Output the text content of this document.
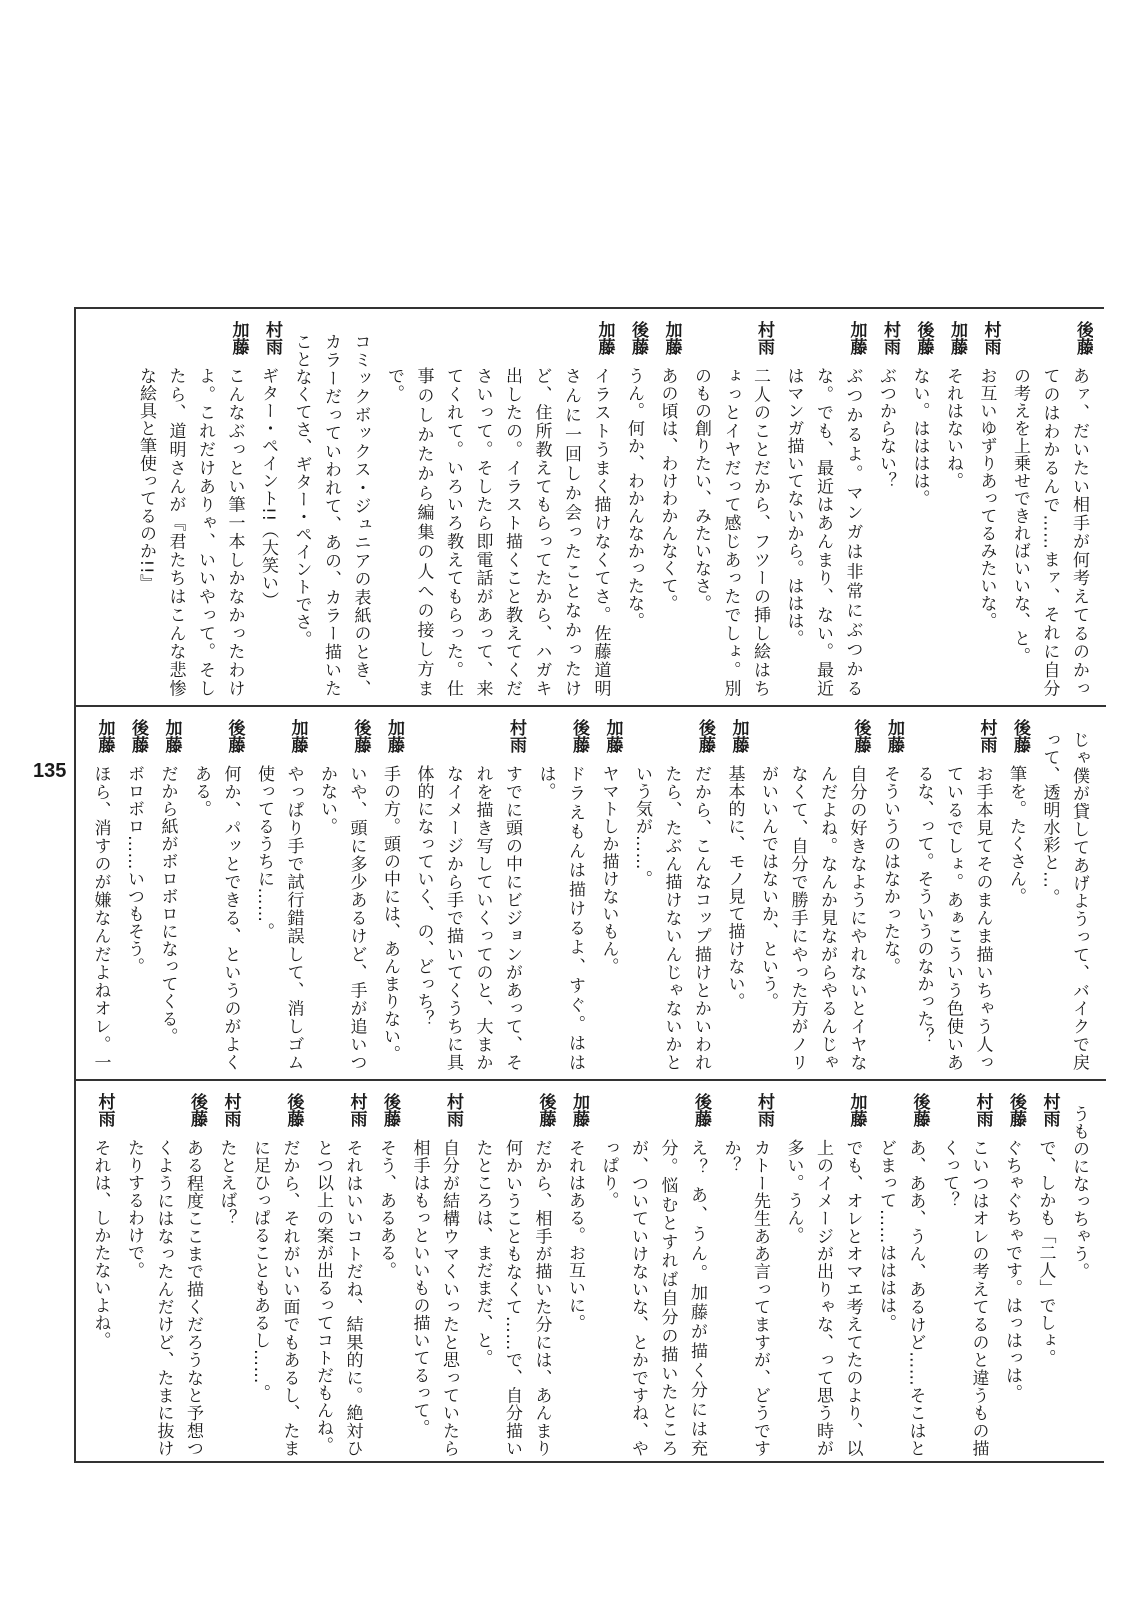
後藤
あァ、だいたい相手が何考えてるのかってのはわかるんで……まァ、それに自分の考えを上乗せできればいいな、と。
村雨
お互いゆずりあってるみたいな。
加藤
それはないね。
後藤
ない。はははは。
村雨
ぶつからない？
加藤
ぶつかるよ。マンガは非常にぶつかるな。でも、最近はあんまり、ない。最近はマンガ描いてないから。ははは。
村雨
二人のことだから、フツーの挿し絵はちょっとイヤだって感じあったでしょ。別のもの創りたい、みたいなさ。
加藤
あの頃は、わけわかんなくて。
後藤
うん。何か、わかんなかったな。
加藤
イラストうまく描けなくてさ。佐藤道明さんに一回しか会ったことなかったけど、住所教えてもらってたから、ハガキ出したの。イラスト描くこと教えてくださいって。そしたら即電話があって、来てくれて。いろいろ教えてもらった。仕事のしかたから編集の人への接し方まで。
コミックボックス・ジュニアの表紙のとき、カラーだっていわれて、あの、カラー描いたことなくてさ、ギター・ペイントでさ。
村雨
ギター・ペイント!!（大笑い）
加藤
こんなぶっとい筆一本しかなかったわけよ。これだけありゃ、いいやって。そしたら、道明さんが『君たちはこんな悲惨な絵具と筆使ってるのか!!』
じゃ僕が貸してあげようって、バイクで戻って、透明水彩と…。
後藤
筆を。たくさん。
村雨
お手本見てそのまんま描いちゃう人っているでしょ。あぁこういう色使いあるな、って。そういうのなかった？
加藤
そういうのはなかったな。
後藤
自分の好きなようにやれないとイヤなんだよね。なんか見ながらやるんじゃなくて、自分で勝手にやった方がノリがいいんではないか、という。
加藤
基本的に、モノ見て描けない。
後藤
だから、こんなコップ描けとかいわれたら、たぶん描けないんじゃないかという気が……。
加藤
ヤマトしか描けないもん。
後藤
ドラえもんは描けるよ、すぐ。ははは。
村雨
すでに頭の中にビジョンがあって、それを描き写していくってのと、大まかなイメージから手で描いてくうちに具体的になっていく、の、どっち？
加藤
手の方。頭の中には、あんまりない。
後藤
いや、頭に多少あるけど、手が追いつかない。
加藤
やっぱり手で試行錯誤して、消しゴム使ってるうちに……。
後藤
何か、パッとできる、というのがよくある。
加藤
だから紙がボロボロになってくる。
後藤
ボロボロ……いつもそう。
加藤
ほら、消すのが嫌なんだよねオレ。一
うものになっちゃう。
村雨
で、しかも「二人」でしょ。
後藤
ぐちゃぐちゃです。はっはっは。
村雨
こいつはオレの考えてるのと違うもの描くって？
後藤
あ、ああ、うん、あるけど……そこはとどまって……はははは。
加藤
でも、オレとオマエ考えてたのより、以上のイメージが出りゃな、って思う時が多い。うん。
村雨
カトー先生ああ言ってますが、どうですか？
後藤
え？ あ、うん。加藤が描く分には充分。悩むとすれば自分の描いたところが、ついていけないな、とかですね、やっぱり。
加藤
それはある。お互いに。
後藤
だから、相手が描いた分には、あんまり何かいうこともなくて……で、自分描いたところは、まだまだ、と。
村雨
自分が結構ウマくいったと思っていたら相手はもっといいもの描いてるって。
後藤
そう、あるある。
村雨
それはいいコトだね、結果的に。絶対ひとつ以上の案が出るってコトだもんね。
後藤
だから、それがいい面でもあるし、たまに足ひっぱることもあるし……。
村雨
たとえば？
後藤
ある程度ここまで描くだろうなと予想つくようにはなったんだけど、たまに抜けたりするわけで。
村雨
それは、しかたないよね。
135
